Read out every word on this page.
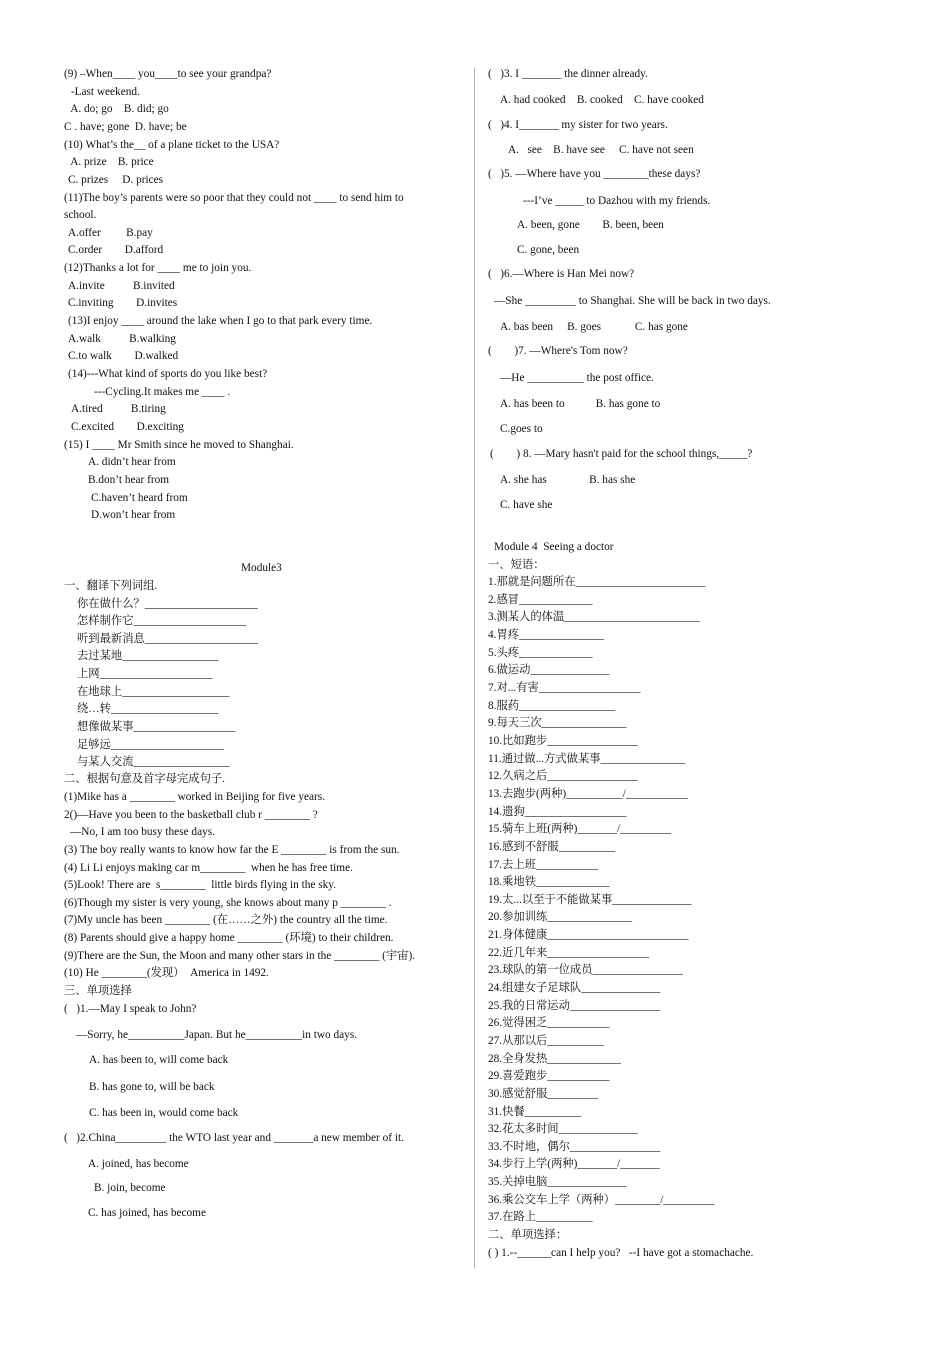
(9) –When____ you____to see your grandpa?
-Last weekend.
A. do; go    B. did; go
C . have; gone  D. have; be
(10) What’s the__ of a plane ticket to the USA?
A. prize    B. price
C. prizes     D. prices
(11)The boy’s parents were so poor that they could not ____ to send him to
school.
A.offer         B.pay
C.order        D.afford
(12)Thanks a lot for ____ me to join you.
A.invite          B.invited
C.inviting        D.invites
(13)I enjoy ____ around the lake when I go to that park every time.
A.walk          B.walking
C.to walk        D.walked
(14)---What kind of sports do you like best?
---Cycling.It makes me ____ .
A.tired          B.tiring
C.excited        D.exciting
(15) I ____ Mr Smith since he moved to Shanghai.
A. didn’t hear from
B.don’t hear from
C.haven’t heard from
D.won’t hear from
Module3
一、翻译下列词组.
你在做什么？____________________
怎样制作它____________________
听到最新消息____________________
去过某地_________________
上网____________________
在地球上___________________
绕…转___________________
想像做某事__________________
足够远____________________
与某人交流_________________
二、根据句意及首字母完成句子.
(1)Mike has a ________ worked in Beijing for five years.
2()—Have you been to the basketball club r ________ ?
—No, I am too busy these days.
(3) The boy really wants to know how far the E ________ is from the sun.
(4) Li Li enjoys making car m________  when he has free time.
(5)Look! There are  s________  little birds flying in the sky.
(6)Though my sister is very young, she knows about many p ________ .
(7)My uncle has been ________ (在……之外) the country all the time.
(8) Parents should give a happy home ________ (环境) to their children.
(9)There are the Sun, the Moon and many other stars in the ________ (宇宙).
(10) He ________(发现）  America in 1492.
三、单项选择
(   )1.—May I speak to John?
—Sorry, he__________Japan. But he__________in two days.
A. has been to, will come back
B. has gone to, will be back
C. has been in, would come back
(   )2.China_________ the WTO last year and _______a new member of it.
A. joined, has become
B. join, become
C. has joined, has become
(   )3. I _______ the dinner already.
A. had cooked    B. cooked    C. have cooked
(   )4. I_______ my sister for two years.
A.   see    B. have see     C. have not seen
(   )5. —Where have you ________these days?
---I’ve _____ to Dazhou with my friends.
A. been, gone        B. been, been
C. gone, been
(   )6.—Where is Han Mei now?
—She _________ to Shanghai. She will be back in two days.
A. bas been     B. goes            C. has gone
(        )7. —Where's Tom now?
—He __________ the post office.
A. has been to           B. has gone to
C.goes to
(        ) 8. —Mary hasn't paid for the school things,_____?
A. she has               B. has she
C. have she
Module 4  Seeing a doctor
一、短语：
1.那就是问题所在_______________________
2.感冒_____________
3.测某人的体温________________________
4.胃疼_______________
5.头疼_____________
6.做运动______________
7.对...有害__________________
8.服药_________________
9.每天三次_______________
10.比如跑步________________
11.通过做...方式做某事_______________
12.久病之后________________
13.去跑步(两种)__________/___________
14.遗狗__________________
15.骑车上班(两种)_______/_________
16.感到不舒服__________
17.去上班___________
18.乘地铁_____________
19.太...以至于不能做某事______________
20.参加训练_______________
21.身体健康_________________________
22.近几年来__________________
23.球队的第一位成员________________
24.组建女子足球队______________
25.我的日常运动________________
26.觉得困乏___________
27.从那以后__________
28.全身发热_____________
29.喜爱跑步___________
30.感觉舒服_________
31.快餐__________
32.花太多时间______________
33.不时地，偶尔________________
34.步行上学(两种)_______/_______
35.关掉电脑______________
36.乘公交车上学（两种）________/_________
37.在路上__________
二、单项选择：
( ) 1.--______can I help you?   --I have got a stomachache.
